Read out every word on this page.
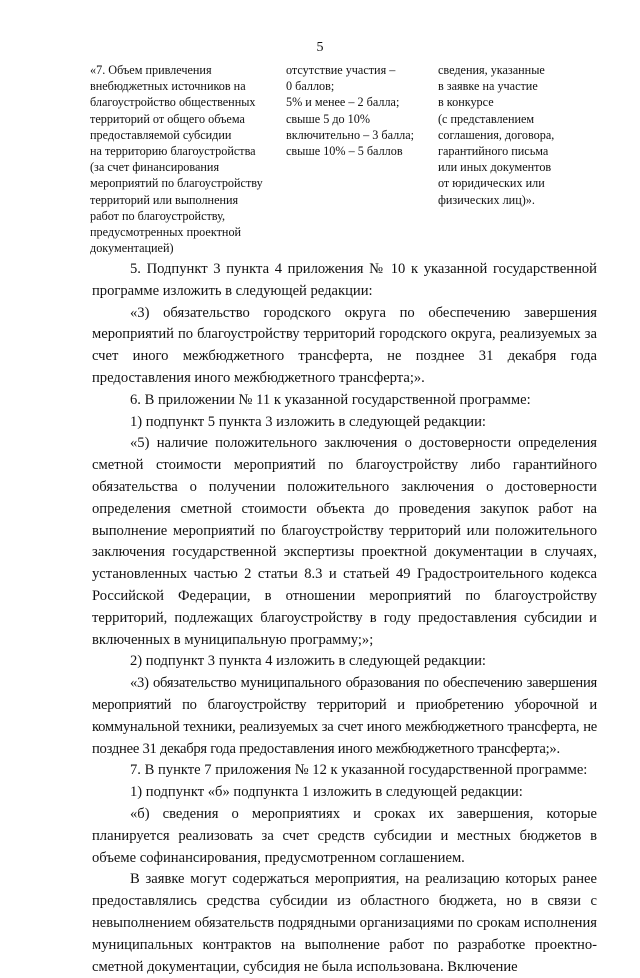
5
«7. Объем привлечения
внебюджетных источников на
благоустройство общественных
территорий от общего объема
предоставляемой субсидии
на территорию благоустройства
(за счет финансирования
мероприятий по благоустройству
территорий или выполнения
работ по благоустройству,
предусмотренных проектной
документацией)
отсутствие участия –
0 баллов;
5% и менее – 2 балла;
свыше 5 до 10%
включительно – 3 балла;
свыше 10% – 5 баллов
сведения, указанные
в заявке на участие
в конкурсе
(с представлением
соглашения, договора,
гарантийного письма
или иных документов
от юридических или
физических лиц)».

5. Подпункт 3 пункта 4 приложения № 10 к указанной государственной программе изложить в следующей редакции:

«3) обязательство городского округа по обеспечению завершения мероприятий по благоустройству территорий городского округа, реализуемых за счет иного межбюджетного трансферта, не позднее 31 декабря года предоставления иного межбюджетного трансферта;».

6. В приложении № 11 к указанной государственной программе:

1) подпункт 5 пункта 3 изложить в следующей редакции:

«5) наличие положительного заключения о достоверности определения сметной стоимости мероприятий по благоустройству либо гарантийного обязательства о получении положительного заключения о достоверности определения сметной стоимости объекта до проведения закупок работ на выполнение мероприятий по благоустройству территорий или положительного заключения государственной экспертизы проектной документации в случаях, установленных частью 2 статьи 8.3 и статьей 49 Градостроительного кодекса Российской Федерации, в отношении мероприятий по благоустройству территорий, подлежащих благоустройству в году предоставления субсидии и включенных в муниципальную программу;»;

2) подпункт 3 пункта 4 изложить в следующей редакции:

«3) обязательство муниципального образования по обеспечению завершения мероприятий по благоустройству территорий и приобретению уборочной и коммунальной техники, реализуемых за счет иного межбюджетного трансферта, не позднее 31 декабря года предоставления иного межбюджетного трансферта;».

7. В пункте 7 приложения № 12 к указанной государственной программе:

1) подпункт «б» подпункта 1 изложить в следующей редакции:

«б) сведения о мероприятиях и сроках их завершения, которые планируется реализовать за счет средств субсидии и местных бюджетов в объеме софинансирования, предусмотренном соглашением.

В заявке могут содержаться мероприятия, на реализацию которых ранее предоставлялись средства субсидии из областного бюджета, но в связи с невыполнением обязательств подрядными организациями по срокам исполнения муниципальных контрактов на выполнение работ по разработке проектно-сметной документации, субсидия не была использована. Включение
